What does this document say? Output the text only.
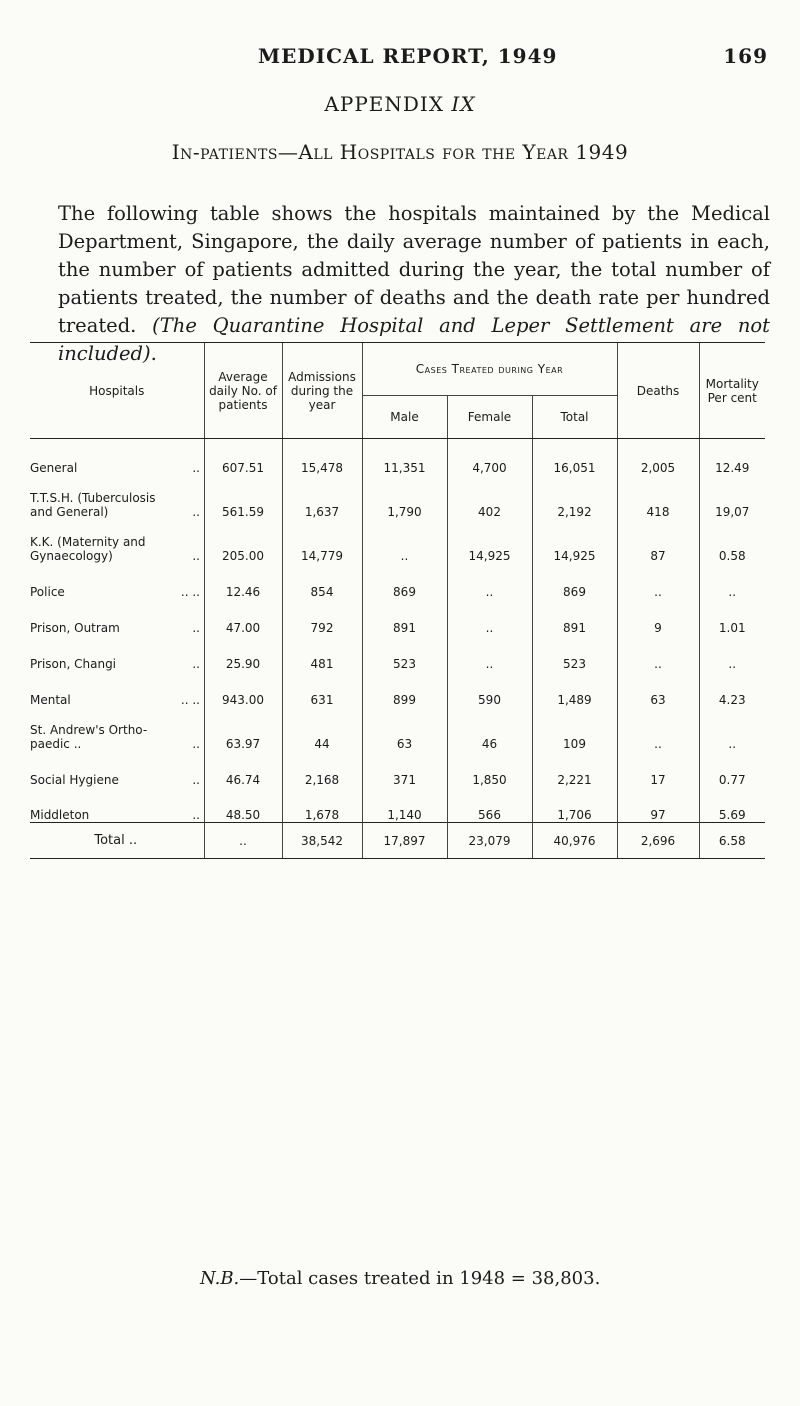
MEDICAL REPORT, 1949	169
APPENDIX IX
In-patients—All Hospitals for the Year 1949

The following table shows the hospitals maintained by the Medical Department, Singapore, the daily average number of patients in each, the number of patients admitted during the year, the total number of patients treated, the number of deaths and the death rate per hundred treated. (The Quarantine Hospital and Leper Settlement are not included).

Hospitals	Average daily No. of patients	Admissions during the year	Cases Treated during Year			Deaths	Mortality Per cent
			Male	Female	Total		

General ..	607.51	15,478	11,351	4,700	16,051	2,005	12.49

T.T.S.H. (Tuberculosis
and General) ..	561.59	1,637	1,790	402	2,192	418	19,07

K.K. (Maternity and
Gynaecology) ..	205.00	14,779	..	14,925	14,925	87	0.58

Police .. ..	12.46	854	869	..	869	..	..

Prison, Outram ..	47.00	792	891	..	891	9	1.01

Prison, Changi ..	25.90	481	523	..	523	..	..

Mental .. ..	943.00	631	899	590	1,489	63	4.23

St. Andrew's Ortho-
paedic .. ..	63.97	44	63	46	109	..	..

Social Hygiene ..	46.74	2,168	371	1,850	2,221	17	0.77

Middleton ..	48.50	1,678	1,140	566	1,706	97	5.69
Total ..	..	38,542	17,897	23,079	40,976	2,696	6.58
N.B.—Total cases treated in 1948 = 38,803.
